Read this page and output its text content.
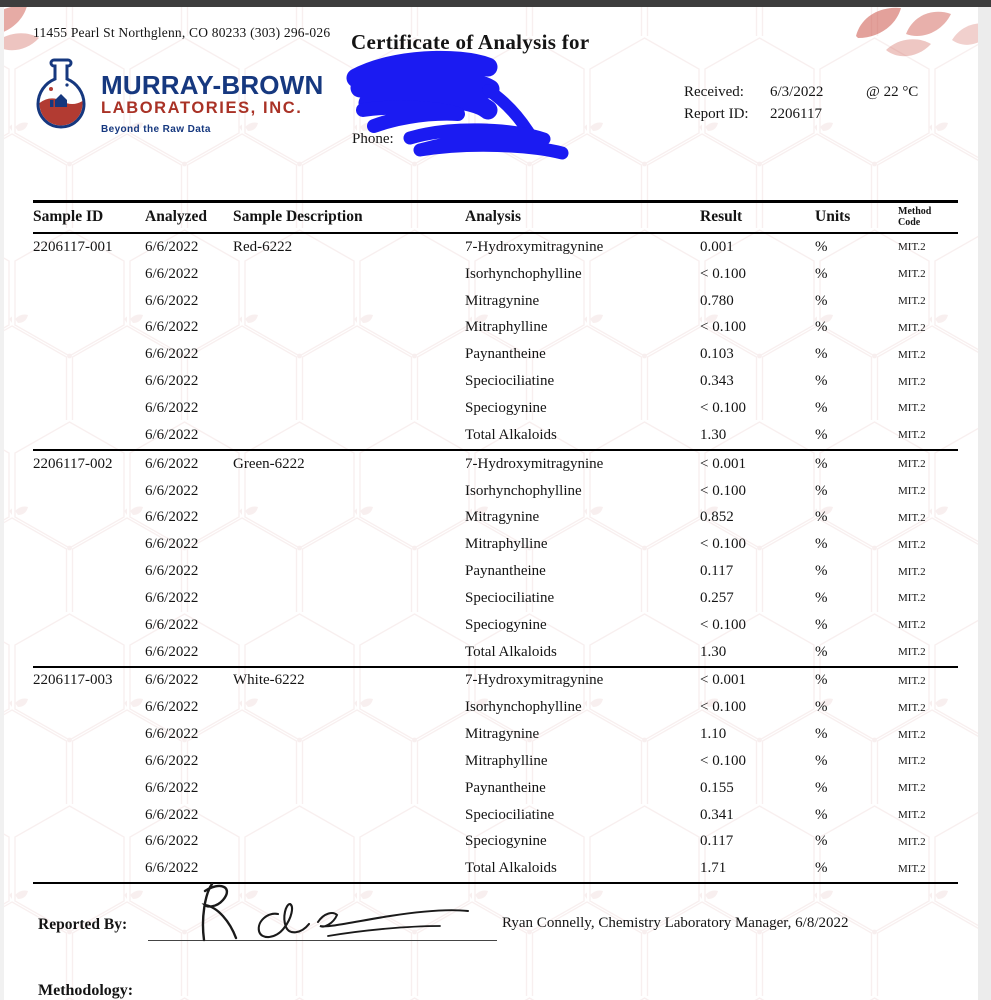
11455 Pearl St Northglenn, CO 80233 (303) 296-026 Certificate of Analysis for
MURRAY-BROWN
LABORATORIES, INC.
Beyond the Raw Data
Received:	6/3/2022	@ 22 °C
Report ID:	2206117
Phone:
Sample ID	Analyzed	Sample Description	Analysis	Result	Units	Method
Code

2206117-001	6/6/2022	Red-6222	7-Hydroxymitragynine	0.001	%	MIT.2
	6/6/2022		Isorhynchophylline	< 0.100	%	MIT.2
	6/6/2022		Mitragynine	0.780	%	MIT.2
	6/6/2022		Mitraphylline	< 0.100	%	MIT.2
	6/6/2022		Paynantheine	0.103	%	MIT.2
	6/6/2022		Speciociliatine	0.343	%	MIT.2
	6/6/2022		Speciogynine	< 0.100	%	MIT.2
	6/6/2022		Total Alkaloids	1.30	%	MIT.2
2206117-002	6/6/2022	Green-6222	7-Hydroxymitragynine	< 0.001	%	MIT.2
	6/6/2022		Isorhynchophylline	< 0.100	%	MIT.2
	6/6/2022		Mitragynine	0.852	%	MIT.2
	6/6/2022		Mitraphylline	< 0.100	%	MIT.2
	6/6/2022		Paynantheine	0.117	%	MIT.2
	6/6/2022		Speciociliatine	0.257	%	MIT.2
	6/6/2022		Speciogynine	< 0.100	%	MIT.2
	6/6/2022		Total Alkaloids	1.30	%	MIT.2
2206117-003	6/6/2022	White-6222	7-Hydroxymitragynine	< 0.001	%	MIT.2
	6/6/2022		Isorhynchophylline	< 0.100	%	MIT.2
	6/6/2022		Mitragynine	1.10	%	MIT.2
	6/6/2022		Mitraphylline	< 0.100	%	MIT.2
	6/6/2022		Paynantheine	0.155	%	MIT.2
	6/6/2022		Speciociliatine	0.341	%	MIT.2
	6/6/2022		Speciogynine	0.117	%	MIT.2
	6/6/2022		Total Alkaloids	1.71	%	MIT.2
Reported By:	Ryan Connelly, Chemistry Laboratory Manager, 6/8/2022
Methodology:
